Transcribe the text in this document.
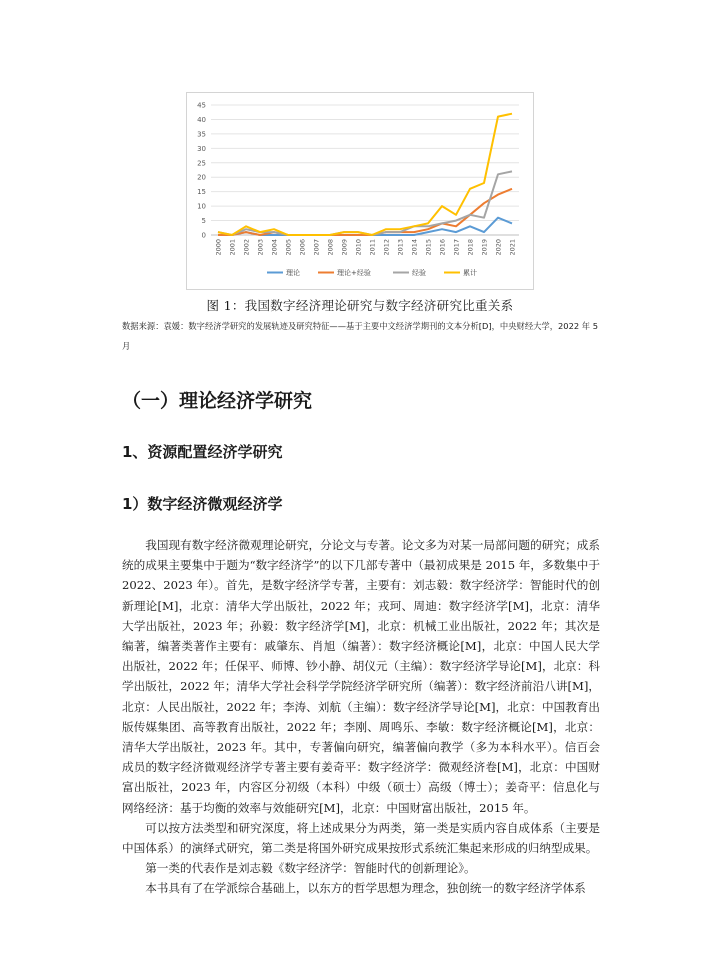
0
5
10
15
20
25
30
35
40
45
2000 2001 2002 2003 2004 2005 2006 2007 2008 2009 2010 2011 2012 2013 2014 2015 2016 2017 2018 2019 2020 2021
理论	理论+经验	经验	累计
图 1：我国数字经济理论研究与数字经济研究比重关系
数据来源：袁媛：数字经济学研究的发展轨迹及研究特征——基于主要中文经济学期刊的文本分析[D]，中央财经大学，2022 年 5 月
（一）理论经济学研究
1、资源配置经济学研究
1）数字经济微观经济学

我国现有数字经济微观理论研究，分论文与专著。论文多为对某一局部问题的研究；成系统的成果主要集中于题为“数字经济学”的以下几部专著中（最初成果是 2015 年，多数集中于 2022、2023 年）。首先，是数字经济学专著，主要有：刘志毅：数字经济学：智能时代的创新理论[M]，北京：清华大学出版社，2022 年；戎珂、周迪：数字经济学[M]，北京：清华大学出版社，2023 年；孙毅：数字经济学[M]，北京：机械工业出版社，2022 年；其次是编著，编著类著作主要有：戚肇东、肖旭（编著）：数字经济概论[M]，北京：中国人民大学出版社，2022 年；任保平、师博、钞小静、胡仪元（主编）：数字经济学导论[M]，北京：科学出版社，2022 年；清华大学社会科学学院经济学研究所（编著）：数字经济前沿八讲[M]，北京：人民出版社，2022 年；李涛、刘航（主编）：数字经济学导论[M]，北京：中国教育出版传媒集团、高等教育出版社，2022 年；李刚、周鸣乐、李敏：数字经济概论[M]，北京：清华大学出版社，2023 年。其中，专著偏向研究，编著偏向教学（多为本科水平）。信百会成员的数字经济微观经济学专著主要有姜奇平：数字经济学：微观经济卷[M]，北京：中国财富出版社，2023 年，内容区分初级（本科）中级（硕士）高级（博士）；姜奇平：信息化与网络经济：基于均衡的效率与效能研究[M]，北京：中国财富出版社，2015 年。

可以按方法类型和研究深度，将上述成果分为两类，第一类是实质内容自成体系（主要是中国体系）的演绎式研究，第二类是将国外研究成果按形式系统汇集起来形成的归纳型成果。

第一类的代表作是刘志毅《数字经济学：智能时代的创新理论》。

本书具有了在学派综合基础上，以东方的哲学思想为理念，独创统一的数字经济学体系
